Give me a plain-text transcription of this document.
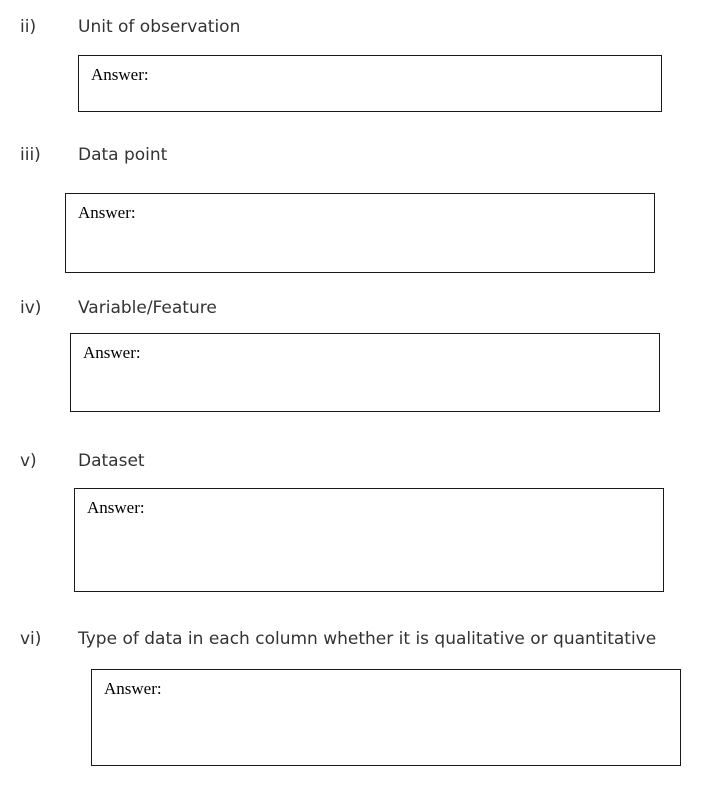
ii) Unit of observation
Answer:
iii) Data point
Answer:
iv) Variable/Feature
Answer:
v) Dataset
Answer:
vi) Type of data in each column whether it is qualitative or quantitative
Answer:
